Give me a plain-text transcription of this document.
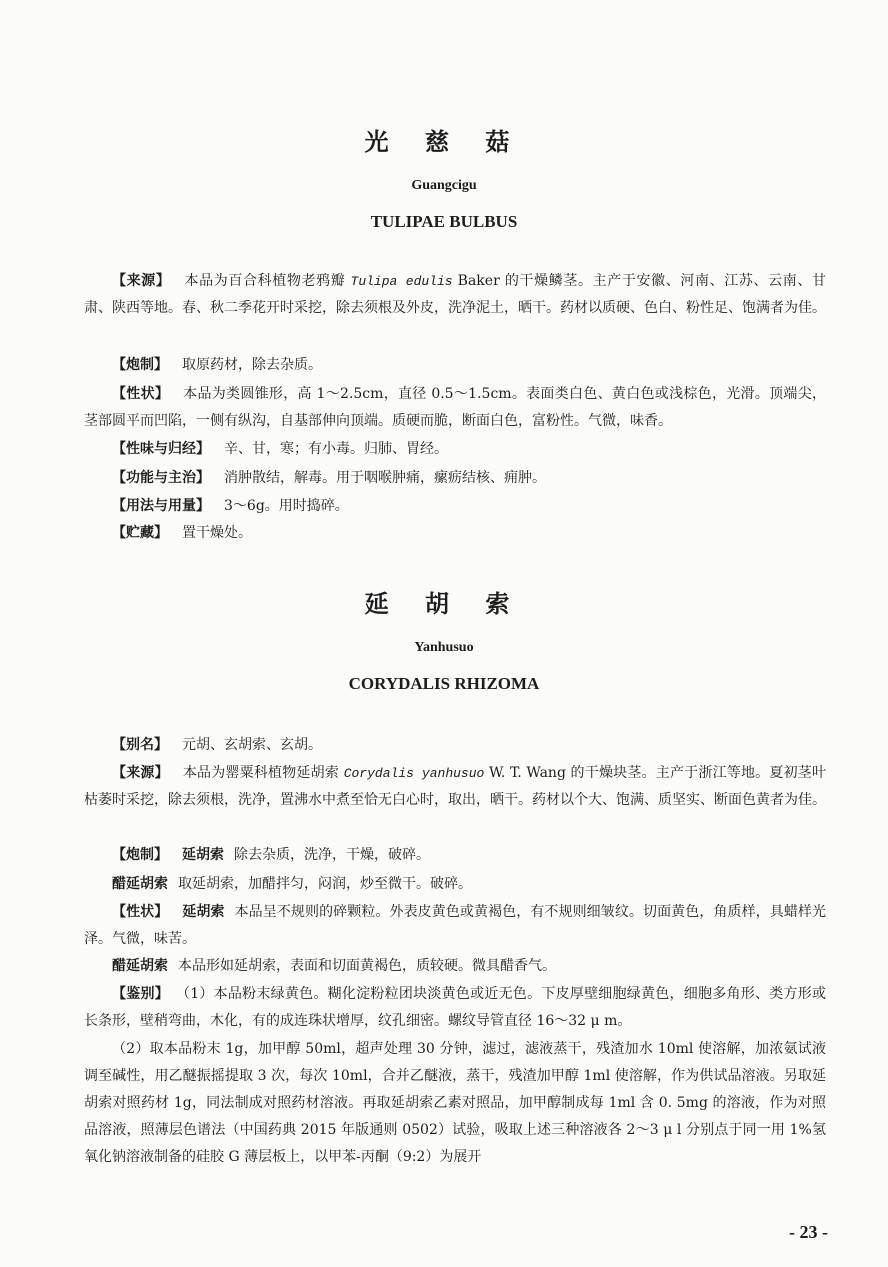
光 慈 菇
Guangcigu
TULIPAE BULBUS
【来源】 本品为百合科植物老鸦瓣 Tulipa edulis Baker 的干燥鳞茎。主产于安徽、河南、江苏、云南、甘肃、陕西等地。春、秋二季花开时采挖，除去须根及外皮，洗净泥土，晒干。药材以质硬、色白、粉性足、饱满者为佳。
【炮制】 取原药材，除去杂质。
【性状】 本品为类圆锥形，高 1～2.5cm，直径 0.5～1.5cm。表面类白色、黄白色或浅棕色，光滑。顶端尖，茎部圆平而凹陷，一侧有纵沟，自基部伸向顶端。质硬而脆，断面白色，富粉性。气微，味香。
【性味与归经】 辛、甘，寒；有小毒。归肺、胃经。
【功能与主治】 消肿散结，解毒。用于咽喉肿痛，瘰疬结核、痈肿。
【用法与用量】 3～6g。用时捣碎。
【贮藏】 置干燥处。
延 胡 索
Yanhusuo
CORYDALIS RHIZOMA
【别名】 元胡、玄胡索、玄胡。
【来源】 本品为罂粟科植物延胡索 Corydalis yanhusuo W. T. Wang 的干燥块茎。主产于浙江等地。夏初茎叶枯萎时采挖，除去须根，洗净，置沸水中煮至恰无白心时，取出，晒干。药材以个大、饱满、质坚实、断面色黄者为佳。
【炮制】 延胡索 除去杂质，洗净，干燥，破碎。
醋延胡索 取延胡索，加醋拌匀，闷润，炒至微干。破碎。
【性状】 延胡索 本品呈不规则的碎颗粒。外表皮黄色或黄褐色，有不规则细皱纹。切面黄色，角质样，具蜡样光泽。气微，味苦。
醋延胡索 本品形如延胡索，表面和切面黄褐色，质较硬。微具醋香气。
【鉴别】 （1）本品粉末绿黄色。糊化淀粉粒团块淡黄色或近无色。下皮厚壁细胞绿黄色，细胞多角形、类方形或长条形，壁稍弯曲，木化，有的成连珠状增厚，纹孔细密。螺纹导管直径 16～32 μ m。
（2）取本品粉末 1g，加甲醇 50ml，超声处理 30 分钟，滤过，滤液蒸干，残渣加水 10ml 使溶解，加浓氨试液调至碱性，用乙醚振摇提取 3 次，每次 10ml，合并乙醚液，蒸干，残渣加甲醇 1ml 使溶解，作为供试品溶液。另取延胡索对照药材 1g，同法制成对照药材溶液。再取延胡索乙素对照品，加甲醇制成每 1ml 含 0. 5mg 的溶液，作为对照品溶液，照薄层色谱法（中国药典 2015 年版通则 0502）试验，吸取上述三种溶液各 2～3 μ l 分别点于同一用 1%氢氧化钠溶液制备的硅胶 G 薄层板上，以甲苯-丙酮（9:2）为展开
- 23 -
